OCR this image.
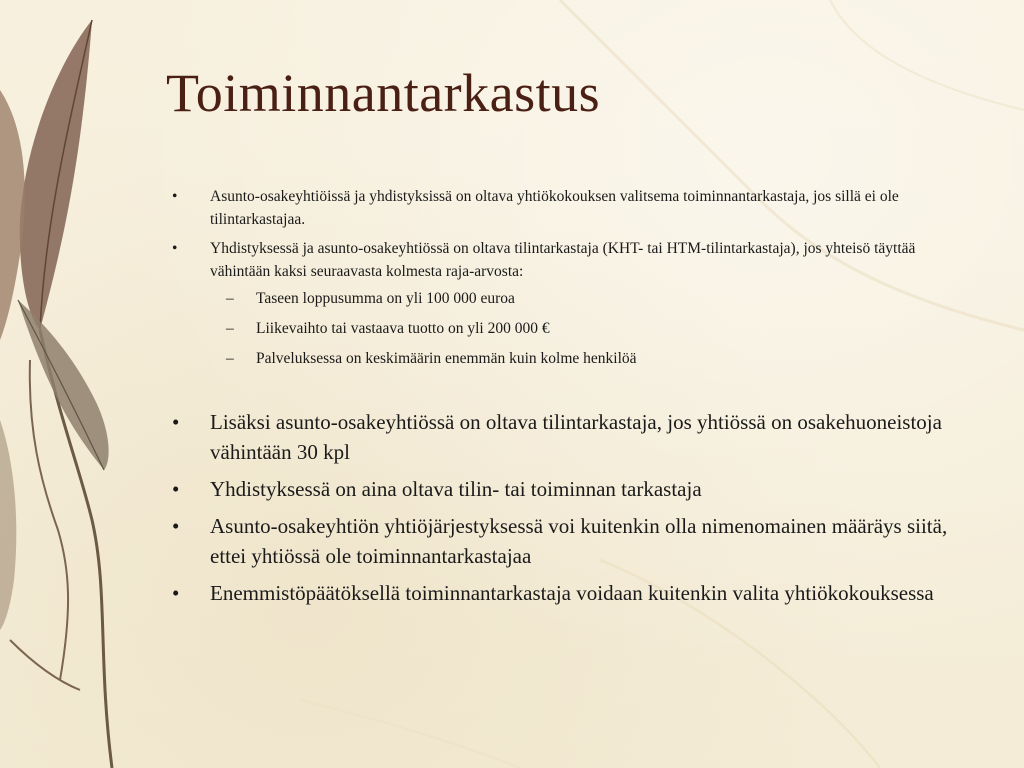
Toiminnantarkastus
• Asunto-osakeyhtiöissä ja yhdistyksissä on oltava yhtiökokouksen valitsema toiminnantarkastaja, jos sillä ei ole tilintarkastajaa.
• Yhdistyksessä ja asunto-osakeyhtiössä on oltava tilintarkastaja (KHT- tai HTM-tilintarkastaja), jos yhteisö täyttää vähintään kaksi seuraavasta kolmesta raja-arvosta:
– Taseen loppusumma on yli 100 000 euroa
– Liikevaihto tai vastaava tuotto on yli 200 000 €
– Palveluksessa on keskimäärin enemmän kuin kolme henkilöä
• Lisäksi asunto-osakeyhtiössä on oltava tilintarkastaja, jos yhtiössä on osakehuoneistoja vähintään 30 kpl
• Yhdistyksessä on aina oltava tilin- tai toiminnan tarkastaja
• Asunto-osakeyhtiön yhtiöjärjestyksessä voi kuitenkin olla nimenomainen määräys siitä, ettei yhtiössä ole toiminnantarkastajaa
• Enemmistöpäätöksellä toiminnantarkastaja voidaan kuitenkin valita yhtiökokouksessa
